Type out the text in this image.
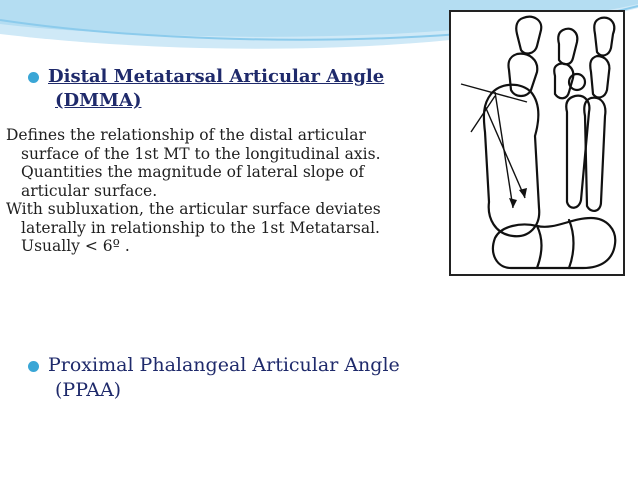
Distal Metatarsal Articular Angle
(DMMA)

Defines the relationship of the distal articular
surface of the 1st MT to the longitudinal axis.
Quantities the magnitude of lateral slope of
articular surface.

With subluxation, the articular surface deviates
laterally in relationship to the 1st Metatarsal.
Usually < 6º .

Proximal Phalangeal Articular Angle
(PPAA)
